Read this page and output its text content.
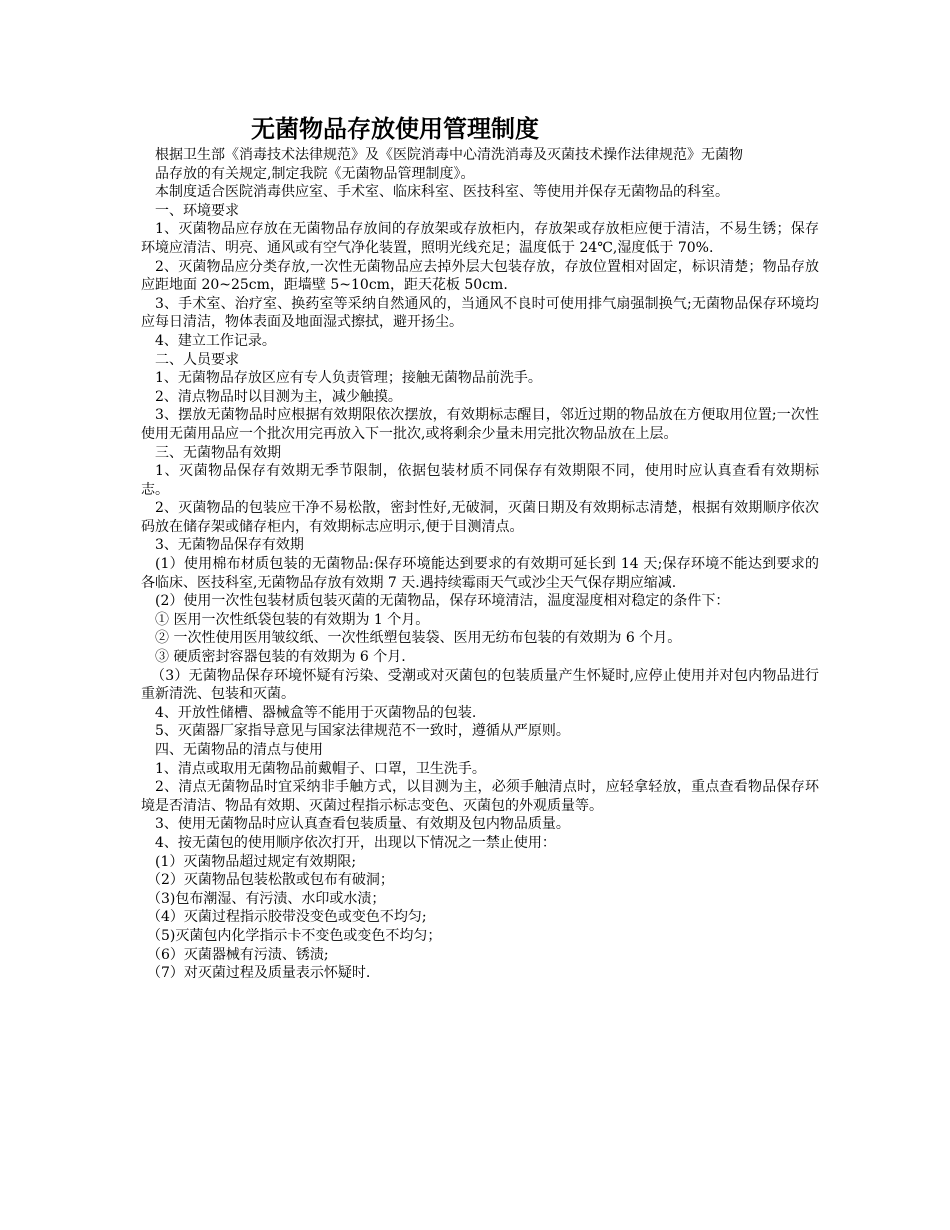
无菌物品存放使用管理制度

根据卫生部《消毒技术法律规范》及《医院消毒中心清洗消毒及灭菌技术操作法律规范》无菌物

品存放的有关规定,制定我院《无菌物品管理制度》。

本制度适合医院消毒供应室、手术室、临床科室、医技科室、等使用并保存无菌物品的科室。

一、环境要求

1、灭菌物品应存放在无菌物品存放间的存放架或存放柜内，存放架或存放柜应便于清洁，不易生锈；保存环境应清洁、明亮、通风或有空气净化装置，照明光线充足；温度低于 24℃,湿度低于 70%.

2、灭菌物品应分类存放,一次性无菌物品应去掉外层大包装存放，存放位置相对固定，标识清楚；物品存放应距地面 20~25cm，距墙壁 5~10cm，距天花板 50cm.

3、手术室、治疗室、换药室等采纳自然通风的，当通风不良时可使用排气扇强制换气;无菌物品保存环境均应每日清洁，物体表面及地面湿式擦拭，避开扬尘。

4、建立工作记录。

二、人员要求

1、无菌物品存放区应有专人负责管理；接触无菌物品前洗手。

2、清点物品时以目测为主，减少触摸。

3、摆放无菌物品时应根据有效期限依次摆放，有效期标志醒目，邻近过期的物品放在方便取用位置;一次性使用无菌用品应一个批次用完再放入下一批次,或将剩余少量未用完批次物品放在上层。

三、无菌物品有效期

1、灭菌物品保存有效期无季节限制，依据包装材质不同保存有效期限不同，使用时应认真查看有效期标志。

2、灭菌物品的包装应干净不易松散，密封性好,无破洞，灭菌日期及有效期标志清楚，根据有效期顺序依次码放在储存架或储存柜内，有效期标志应明示,便于目测清点。

3、无菌物品保存有效期

(1）使用棉布材质包装的无菌物品:保存环境能达到要求的有效期可延长到 14 天;保存环境不能达到要求的各临床、医技科室,无菌物品存放有效期 7 天.遇持续霉雨天气或沙尘天气保存期应缩减.

(2）使用一次性包装材质包装灭菌的无菌物品，保存环境清洁，温度湿度相对稳定的条件下：

① 医用一次性纸袋包装的有效期为 1 个月。

② 一次性使用医用皱纹纸、一次性纸塑包装袋、医用无纺布包装的有效期为 6 个月。

③ 硬质密封容器包装的有效期为 6 个月.

（3）无菌物品保存环境怀疑有污染、受潮或对灭菌包的包装质量产生怀疑时,应停止使用并对包内物品进行重新清洗、包装和灭菌。

4、开放性储槽、器械盒等不能用于灭菌物品的包装.

5、灭菌器厂家指导意见与国家法律规范不一致时，遵循从严原则。

四、无菌物品的清点与使用

1、清点或取用无菌物品前戴帽子、口罩，卫生洗手。

2、清点无菌物品时宜采纳非手触方式，以目测为主，必须手触清点时，应轻拿轻放，重点查看物品保存环境是否清洁、物品有效期、灭菌过程指示标志变色、灭菌包的外观质量等。

3、使用无菌物品时应认真查看包装质量、有效期及包内物品质量。

4、按无菌包的使用顺序依次打开，出现以下情况之一禁止使用：

(1）灭菌物品超过规定有效期限;

（2）灭菌物品包装松散或包布有破洞；

（3)包布潮湿、有污渍、水印或水渍；

（4）灭菌过程指示胶带没变色或变色不均匀;

（5)灭菌包内化学指示卡不变色或变色不均匀；

（6）灭菌器械有污渍、锈渍;

（7）对灭菌过程及质量表示怀疑时.
